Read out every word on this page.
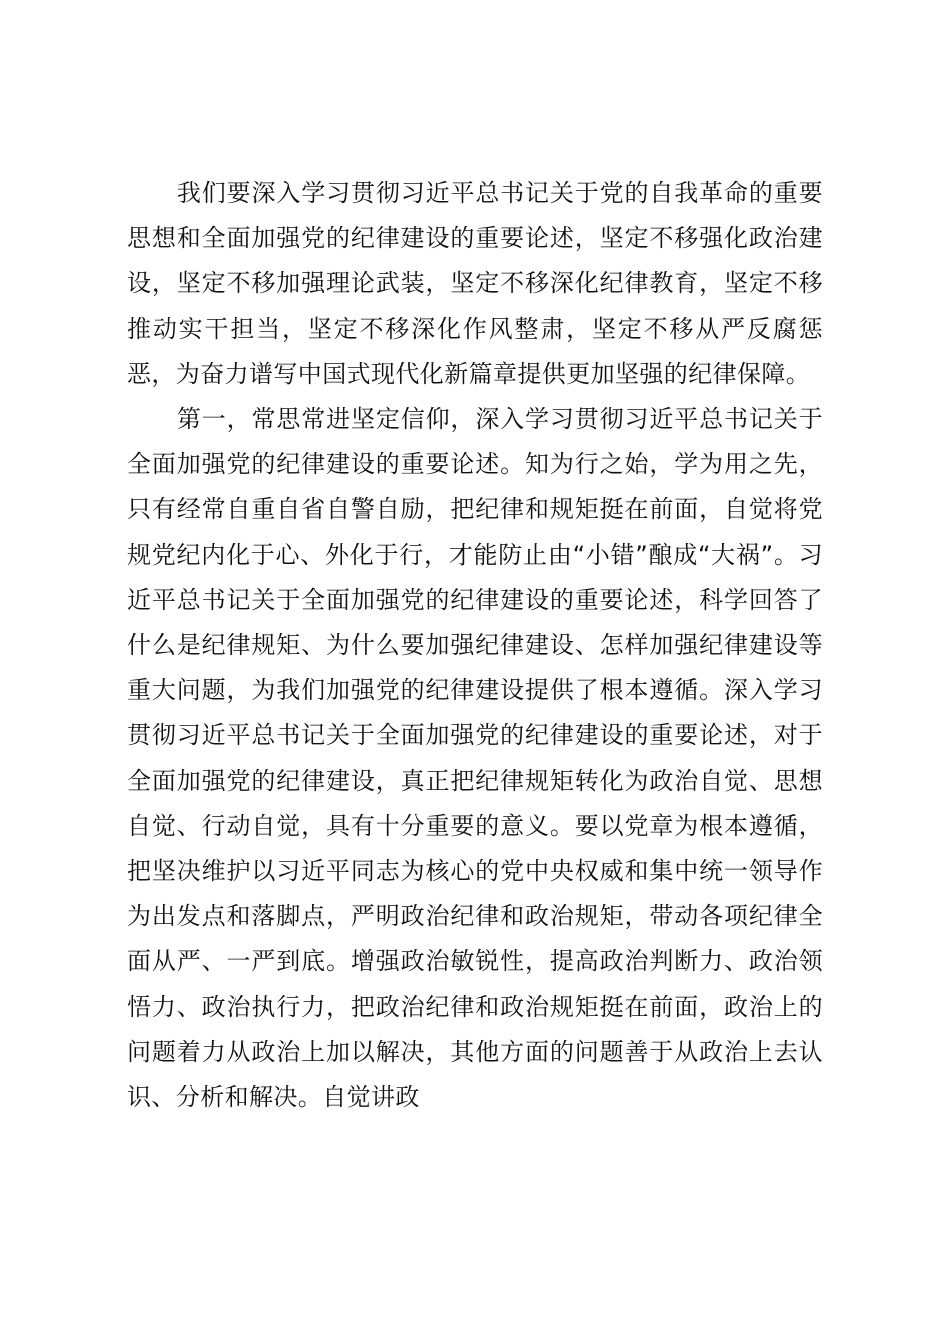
我们要深入学习贯彻习近平总书记关于党的自我革命的重要思想和全面加强党的纪律建设的重要论述，坚定不移强化政治建设，坚定不移加强理论武装，坚定不移深化纪律教育，坚定不移推动实干担当，坚定不移深化作风整肃，坚定不移从严反腐惩恶，为奋力谱写中国式现代化新篇章提供更加坚强的纪律保障。

第一，常思常进坚定信仰，深入学习贯彻习近平总书记关于全面加强党的纪律建设的重要论述。知为行之始，学为用之先，只有经常自重自省自警自励，把纪律和规矩挺在前面，自觉将党规党纪内化于心、外化于行，才能防止由“小错”酿成“大祸”。习近平总书记关于全面加强党的纪律建设的重要论述，科学回答了什么是纪律规矩、为什么要加强纪律建设、怎样加强纪律建设等重大问题，为我们加强党的纪律建设提供了根本遵循。深入学习贯彻习近平总书记关于全面加强党的纪律建设的重要论述，对于全面加强党的纪律建设，真正把纪律规矩转化为政治自觉、思想自觉、行动自觉，具有十分重要的意义。要以党章为根本遵循，把坚决维护以习近平同志为核心的党中央权威和集中统一领导作为出发点和落脚点，严明政治纪律和政治规矩，带动各项纪律全面从严、一严到底。增强政治敏锐性，提高政治判断力、政治领悟力、政治执行力，把政治纪律和政治规矩挺在前面，政治上的问题着力从政治上加以解决，其他方面的问题善于从政治上去认识、分析和解决。自觉讲政
